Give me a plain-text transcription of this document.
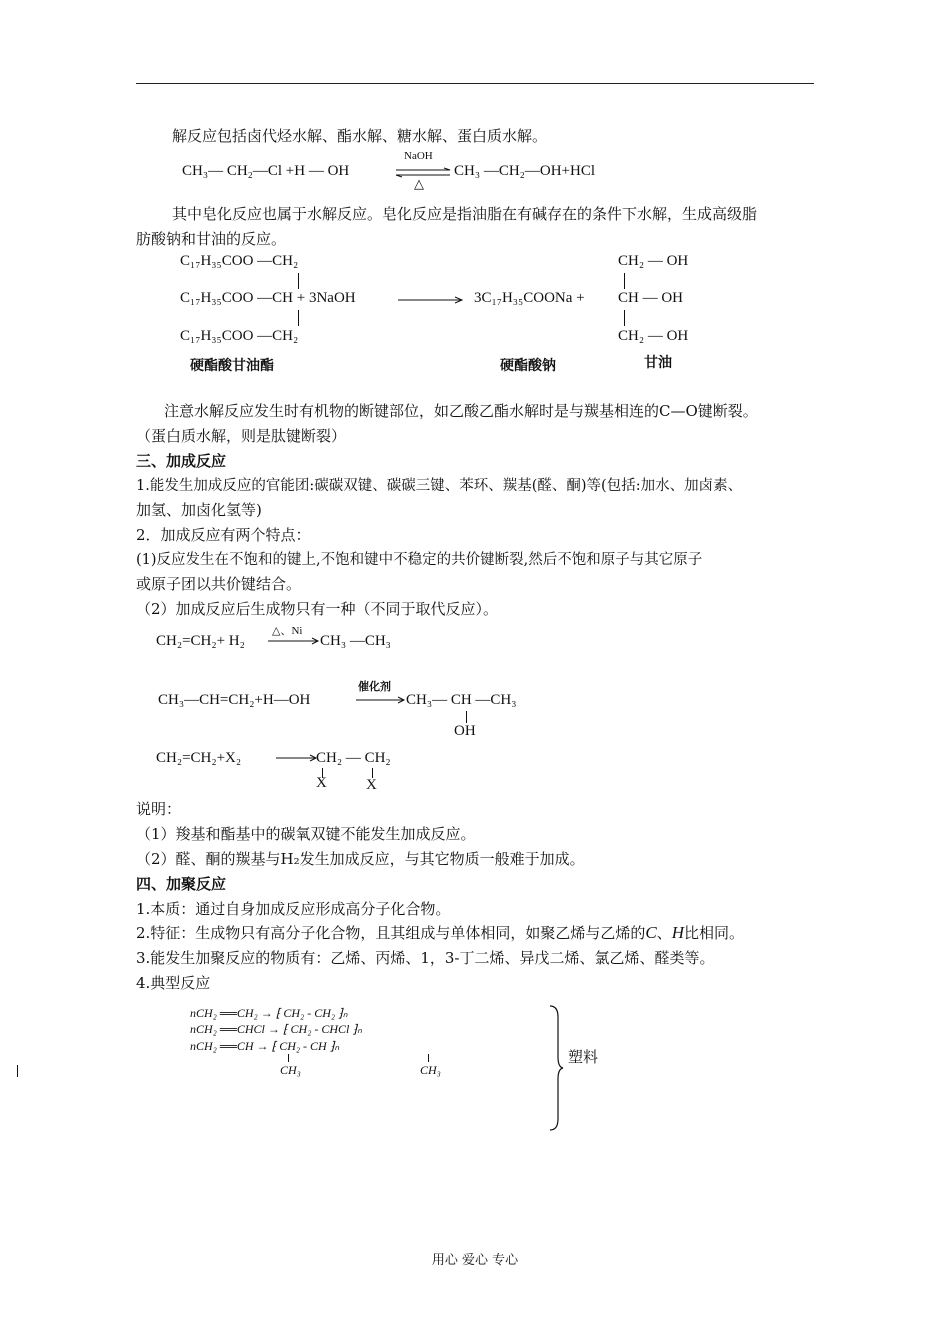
解反应包括卤代烃水解、酯水解、糖水解、蛋白质水解。
CH₃— CH₂—Cl +H — OH
NaOH
△
CH₃ —CH₂—OH+HCl
其中皂化反应也属于水解反应。皂化反应是指油脂在有碱存在的条件下水解，生成高级脂
肪酸钠和甘油的反应。
C₁₇H₃₅COO —CH₂
C₁₇H₃₅COO —CH + 3NaOH
C₁₇H₃₅COO —CH₂
3C₁₇H₃₅COONa +
CH₂ — OH
CH — OH
CH₂ — OH
硬酯酸甘油酯	硬酯酸钠	甘油
注意水解反应发生时有机物的断键部位，如乙酸乙酯水解时是与羰基相连的C—O键断裂。
（蛋白质水解，则是肽键断裂）
三、加成反应
1.能发生加成反应的官能团:碳碳双键、碳碳三键、苯环、羰基(醛、酮)等(包括:加水、加卤素、
加氢、加卤化氢等)
2．加成反应有两个特点：
(1)反应发生在不饱和的键上,不饱和键中不稳定的共价键断裂,然后不饱和原子与其它原子
或原子团以共价键结合。
（2）加成反应后生成物只有一种（不同于取代反应）。
CH₂=CH₂+ H₂
△、Ni
→ CH₃ —CH₃
CH₃—CH=CH₂+H—OH
催化剂
→ CH₃— CH —CH₃
OH
CH₂=CH₂+X₂	CH₂ — CH₂
X	X
说明：
（1）羧基和酯基中的碳氧双键不能发生加成反应。
（2）醛、酮的羰基与H₂发生加成反应，与其它物质一般难于加成。
四、加聚反应
1.本质：通过自身加成反应形成高分子化合物。
2.特征：生成物只有高分子化合物，且其组成与单体相同，如聚乙烯与乙烯的C、H比相同。
3.能发生加聚反应的物质有：乙烯、丙烯、1，3-丁二烯、异戊二烯、氯乙烯、醛类等。
4.典型反应
nCH₂ ══CH₂ → ⁅ CH₂ - CH₂ ⁆ₙ
nCH₂ ══CHCl → ⁅ CH₂ - CHCl ⁆ₙ
nCH₂ ══CH → ⁅ CH₂ - CH ⁆ₙ
CH₃	CH₃
塑料
用心 爱心 专心
